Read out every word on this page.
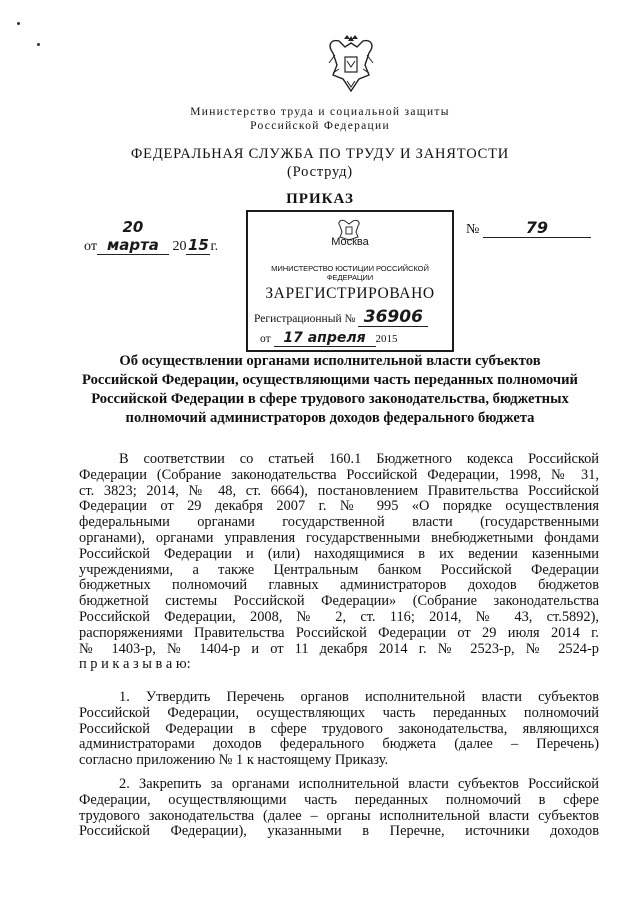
Министерство труда и социальной защиты
Российской Федерации
ФЕДЕРАЛЬНАЯ СЛУЖБА ПО ТРУДУ И ЗАНЯТОСТИ
(Роструд)
ПРИКАЗ
от20 марта 20 15 г.
№	79
Москва
МИНИСТЕРСТВО ЮСТИЦИИ РОССИЙСКОЙ ФЕДЕРАЦИИ
ЗАРЕГИСТРИРОВАНО
Регистрационный № 36906
от 17 апреля 2015
Об осуществлении органами исполнительной власти субъектов
Российской Федерации, осуществляющими часть переданных полномочий
Российской Федерации в сфере трудового законодательства, бюджетных
полномочий администраторов доходов федерального бюджета
В соответствии со статьей 160.1 Бюджетного кодекса Российской
Федерации (Собрание законодательства Российской Федерации, 1998, № 31,
ст. 3823; 2014, № 48, ст. 6664), постановлением Правительства Российской
Федерации от 29 декабря 2007 г. № 995 «О порядке осуществления
федеральными органами государственной власти (государственными
органами), органами управления государственными внебюджетными фондами
Российской Федерации и (или) находящимися в их ведении казенными
учреждениями, а также Центральным банком Российской Федерации
бюджетных полномочий главных администраторов доходов бюджетов
бюджетной системы Российской Федерации» (Собрание законодательства
Российской Федерации, 2008, № 2, ст. 116; 2014, № 43, ст.5892),
распоряжениями Правительства Российской Федерации от 29 июля 2014 г.
№ 1403-р, № 1404-р и от 11 декабря 2014 г. № 2523-р, № 2524-р
п р и к а з ы в а ю:
1. Утвердить Перечень органов исполнительной власти субъектов
Российской Федерации, осуществляющих часть переданных полномочий
Российской Федерации в сфере трудового законодательства, являющихся
администраторами доходов федерального бюджета (далее – Перечень)
согласно приложению № 1 к настоящему Приказу.
2. Закрепить за органами исполнительной власти субъектов Российской
Федерации, осуществляющими часть переданных полномочий в сфере
трудового законодательства (далее – органы исполнительной власти субъектов
Российской Федерации), указанными в Перечне, источники доходов
